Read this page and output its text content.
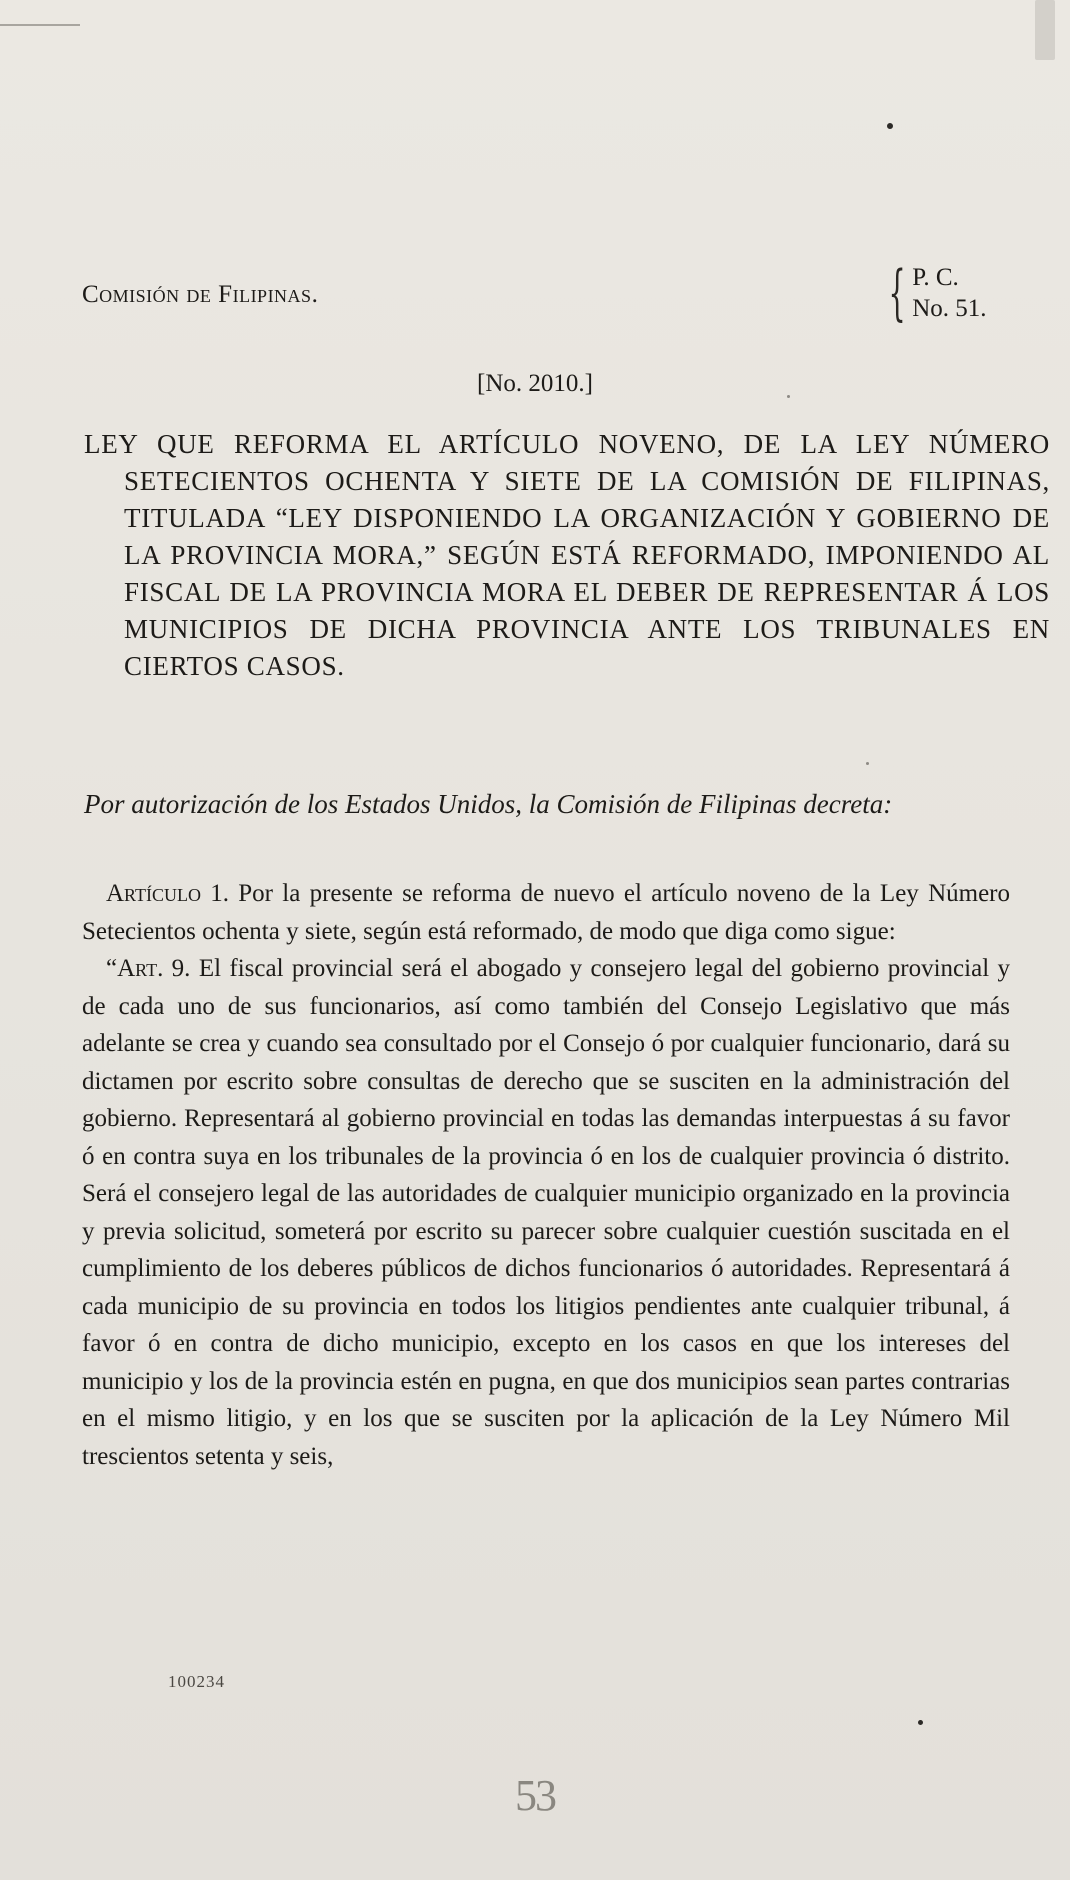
Comisión de Filipinas.	{ P. C.
No. 51.
[No. 2010.]
LEY QUE REFORMA EL ARTÍCULO NOVENO, DE LA LEY NÚMERO SETECIENTOS OCHENTA Y SIETE DE LA COMISIÓN DE FILIPINAS, TITULADA “LEY DISPONIENDO LA ORGANIZACIÓN Y GOBIERNO DE LA PROVINCIA MORA,” SEGÚN ESTÁ REFORMADO, IMPONIENDO AL FISCAL DE LA PROVINCIA MORA EL DEBER DE REPRESENTAR Á LOS MUNICIPIOS DE DICHA PROVINCIA ANTE LOS TRIBUNALES EN CIERTOS CASOS.
Por autorización de los Estados Unidos, la Comisión de Filipinas decreta:

Artículo 1. Por la presente se reforma de nuevo el artículo noveno de la Ley Número Setecientos ochenta y siete, según está reformado, de modo que diga como sigue:

“Art. 9. El fiscal provincial será el abogado y consejero legal del gobierno provincial y de cada uno de sus funcionarios, así como también del Consejo Legislativo que más adelante se crea y cuando sea consultado por el Consejo ó por cualquier funcionario, dará su dictamen por escrito sobre consultas de derecho que se susciten en la administración del gobierno. Representará al gobierno provincial en todas las demandas interpuestas á su favor ó en contra suya en los tribunales de la provincia ó en los de cualquier provincia ó distrito. Será el consejero legal de las autoridades de cualquier municipio organizado en la provincia y previa solicitud, someterá por escrito su parecer sobre cualquier cuestión suscitada en el cumplimiento de los deberes públicos de dichos funcionarios ó autoridades. Representará á cada municipio de su provincia en todos los litigios pendientes ante cualquier tribunal, á favor ó en contra de dicho municipio, excepto en los casos en que los intereses del municipio y los de la provincia estén en pugna, en que dos municipios sean partes contrarias en el mismo litigio, y en los que se susciten por la aplicación de la Ley Número Mil trescientos setenta y seis,

100234
53
